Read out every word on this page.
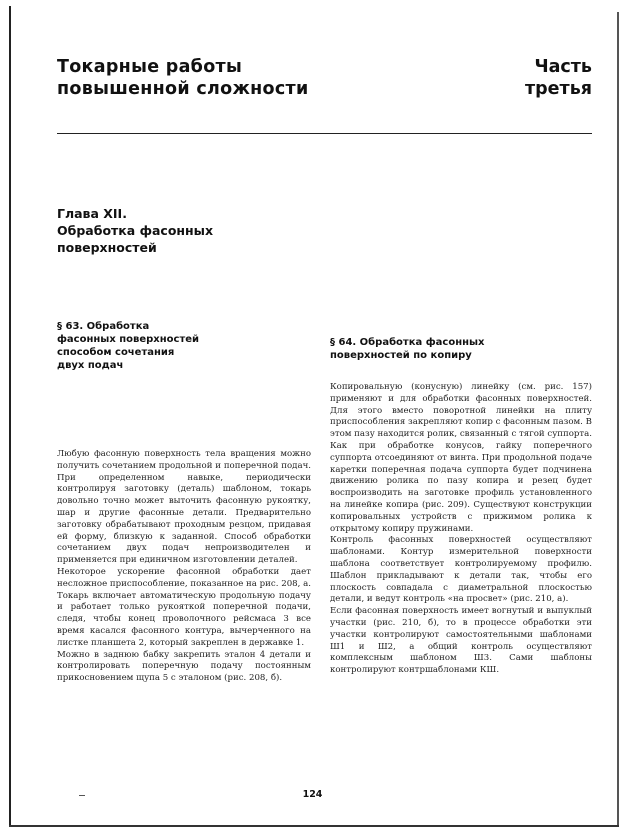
Токарные работы
повышенной сложности
Часть
третья
Глава XII.
Обработка фасонных
поверхностей
§ 63. Обработка
фасонных поверхностей
способом сочетания
двух подач
§ 64. Обработка фасонных
поверхностей по копиру

Любую фасонную поверхность тела вращения можно получить сочетанием продольной и поперечной подач. При определенном навыке, периодически контролируя заготовку (деталь) шаблоном, токарь довольно точно может выточить фасонную рукоятку, шар и другие фасонные детали. Предварительно заготовку обрабатывают проходным резцом, придавая ей форму, близкую к заданной. Способ обработки сочетанием двух подач непроизводителен и применяется при единичном изготовлении деталей.

Некоторое ускорение фасонной обработки дает несложное приспособление, показанное на рис. 208, а. Токарь включает автоматическую продольную подачу и работает только рукояткой поперечной подачи, следя, чтобы конец проволочного рейсмаса 3 все время касался фасонного контура, вычерченного на листке планшета 2, который закреплен в державке 1.

Можно в заднюю бабку закрепить эталон 4 детали и контролировать поперечную подачу постоянным прикосновением щупа 5 с эталоном (рис. 208, б).

Копировальную (конусную) линейку (см. рис. 157) применяют и для обработки фасонных поверхностей. Для этого вместо поворотной линейки на плиту приспособления закрепляют копир с фасонным пазом. В этом пазу находится ролик, связанный с тягой суппорта. Как при обработке конусов, гайку поперечного суппорта отсоединяют от винта. При продольной подаче каретки поперечная подача суппорта будет подчинена движению ролика по пазу копира и резец будет воспроизводить на заготовке профиль установленного на линейке копира (рис. 209). Существуют конструкции копировальных устройств с прижимом ролика к открытому копиру пружинами.

Контроль фасонных поверхностей осуществляют шаблонами. Контур измерительной поверхности шаблона соответствует контролируемому профилю. Шаблон прикладывают к детали так, чтобы его плоскость совпадала с диаметральной плоскостью детали, и ведут контроль «на просвет» (рис. 210, а).

Если фасонная поверхность имеет вогнутый и выпуклый участки (рис. 210, б), то в процессе обработки эти участки контролируют самостоятельными шаблонами Ш1 и Ш2, а общий контроль осуществляют комплексным шаблоном Ш3. Сами шаблоны контролируют контршаблонами КШ.

124
